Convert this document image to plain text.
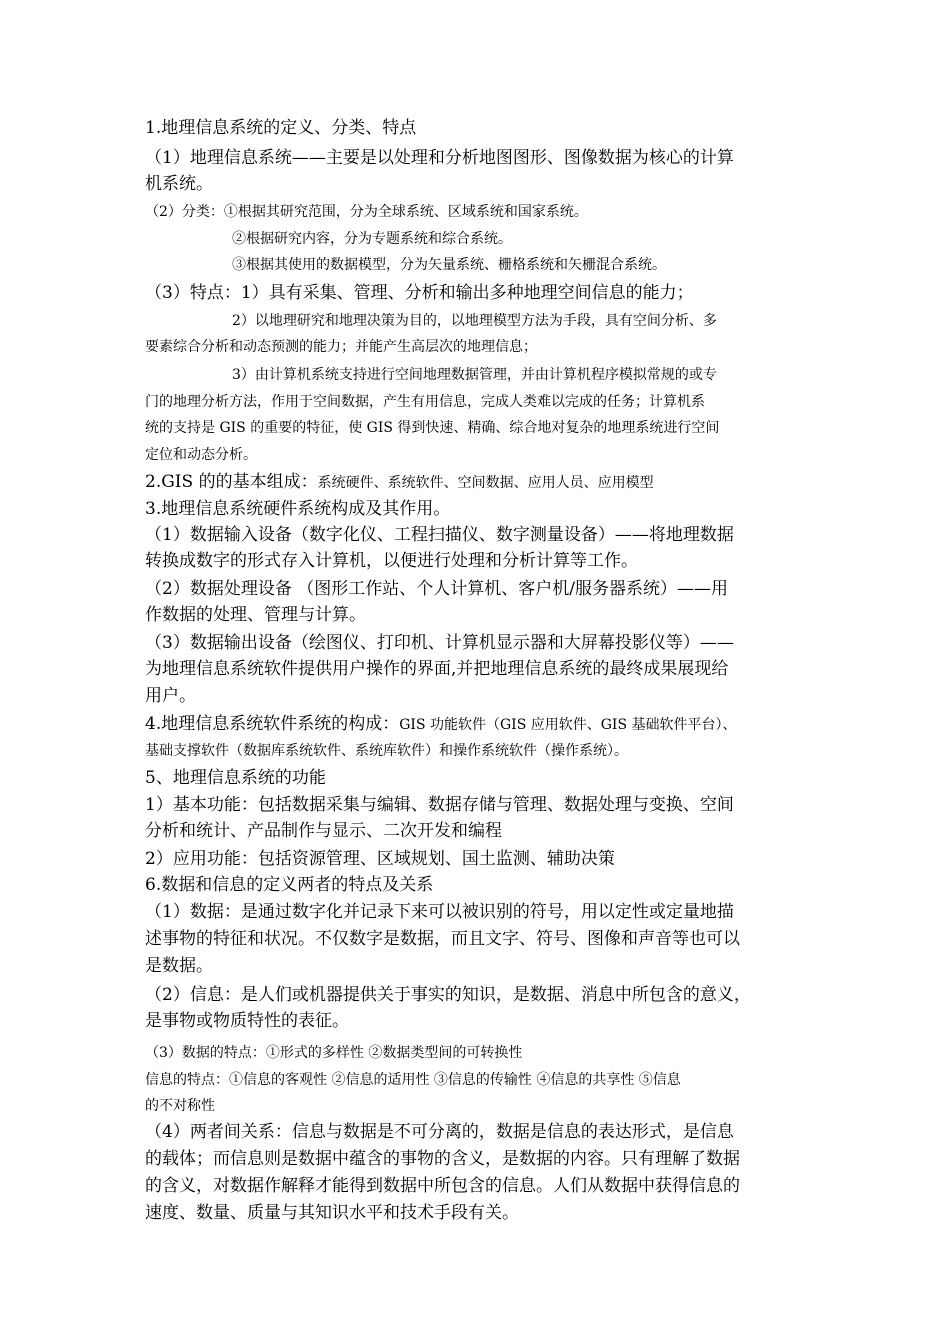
1.地理信息系统的定义、分类、特点
（1）地理信息系统——主要是以处理和分析地图图形、图像数据为核心的计算
机系统。
（2）分类：①根据其研究范围，分为全球系统、区域系统和国家系统。
②根据研究内容，分为专题系统和综合系统。
③根据其使用的数据模型，分为矢量系统、栅格系统和矢栅混合系统。
（3）特点：1）具有采集、管理、分析和输出多种地理空间信息的能力；
2）以地理研究和地理决策为目的，以地理模型方法为手段，具有空间分析、多
要素综合分析和动态预测的能力；并能产生高层次的地理信息；
3）由计算机系统支持进行空间地理数据管理，并由计算机程序模拟常规的或专
门的地理分析方法，作用于空间数据，产生有用信息，完成人类难以完成的任务；计算机系
统的支持是 GIS 的重要的特征，使 GIS 得到快速、精确、综合地对复杂的地理系统进行空间
定位和动态分析。
2.GIS 的的基本组成：系统硬件、系统软件、空间数据、应用人员、应用模型
3.地理信息系统硬件系统构成及其作用。
（1）数据输入设备（数字化仪、工程扫描仪、数字测量设备）——将地理数据
转换成数字的形式存入计算机，以便进行处理和分析计算等工作。
（2）数据处理设备 （图形工作站、个人计算机、客户机/服务器系统）——用
作数据的处理、管理与计算。
（3）数据输出设备（绘图仪、打印机、计算机显示器和大屏幕投影仪等）——
为地理信息系统软件提供用户操作的界面,并把地理信息系统的最终成果展现给
用户。
4.地理信息系统软件系统的构成：GIS 功能软件（GIS 应用软件、GIS 基础软件平台）、
基础支撑软件（数据库系统软件、系统库软件）和操作系统软件（操作系统）。
5、地理信息系统的功能
1）基本功能：包括数据采集与编辑、数据存储与管理、数据处理与变换、空间
分析和统计、产品制作与显示、二次开发和编程
2）应用功能：包括资源管理、区域规划、国土监测、辅助决策
6.数据和信息的定义两者的特点及关系
（1）数据：是通过数字化并记录下来可以被识别的符号，用以定性或定量地描
述事物的特征和状况。不仅数字是数据，而且文字、符号、图像和声音等也可以
是数据。
（2）信息：是人们或机器提供关于事实的知识，是数据、消息中所包含的意义，
是事物或物质特性的表征。
（3）数据的特点：①形式的多样性 ②数据类型间的可转换性
信息的特点：①信息的客观性 ②信息的适用性 ③信息的传输性 ④信息的共享性 ⑤信息
的不对称性
（4）两者间关系：信息与数据是不可分离的，数据是信息的表达形式，是信息
的载体；而信息则是数据中蕴含的事物的含义，是数据的内容。只有理解了数据
的含义，对数据作解释才能得到数据中所包含的信息。人们从数据中获得信息的
速度、数量、质量与其知识水平和技术手段有关。
